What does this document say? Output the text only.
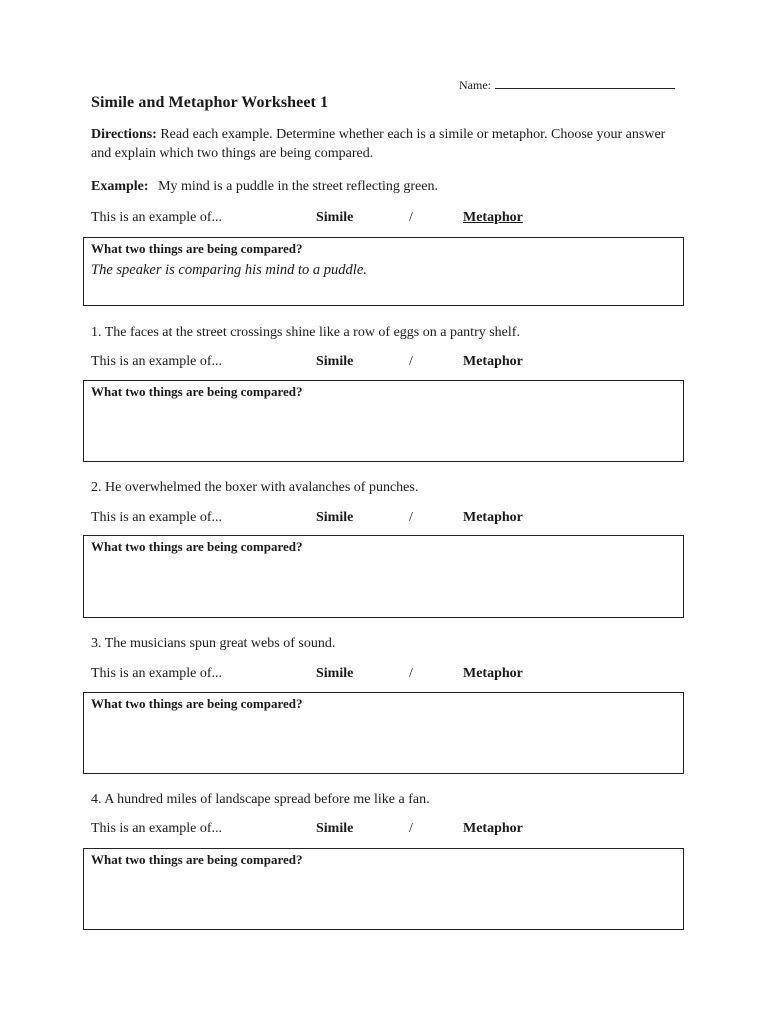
Name:
Simile and Metaphor Worksheet 1
Directions: Read each example. Determine whether each is a simile or metaphor. Choose your answer and explain which two things are being compared.
Example: My mind is a puddle in the street reflecting green.
This is an example of...	Simile	/	Metaphor
What two things are being compared?
The speaker is comparing his mind to a puddle.
1. The faces at the street crossings shine like a row of eggs on a pantry shelf.
This is an example of...	Simile	/	Metaphor
What two things are being compared?
2. He overwhelmed the boxer with avalanches of punches.
This is an example of...	Simile	/	Metaphor
What two things are being compared?
3. The musicians spun great webs of sound.
This is an example of...	Simile	/	Metaphor
What two things are being compared?
4. A hundred miles of landscape spread before me like a fan.
This is an example of...	Simile	/	Metaphor
What two things are being compared?
